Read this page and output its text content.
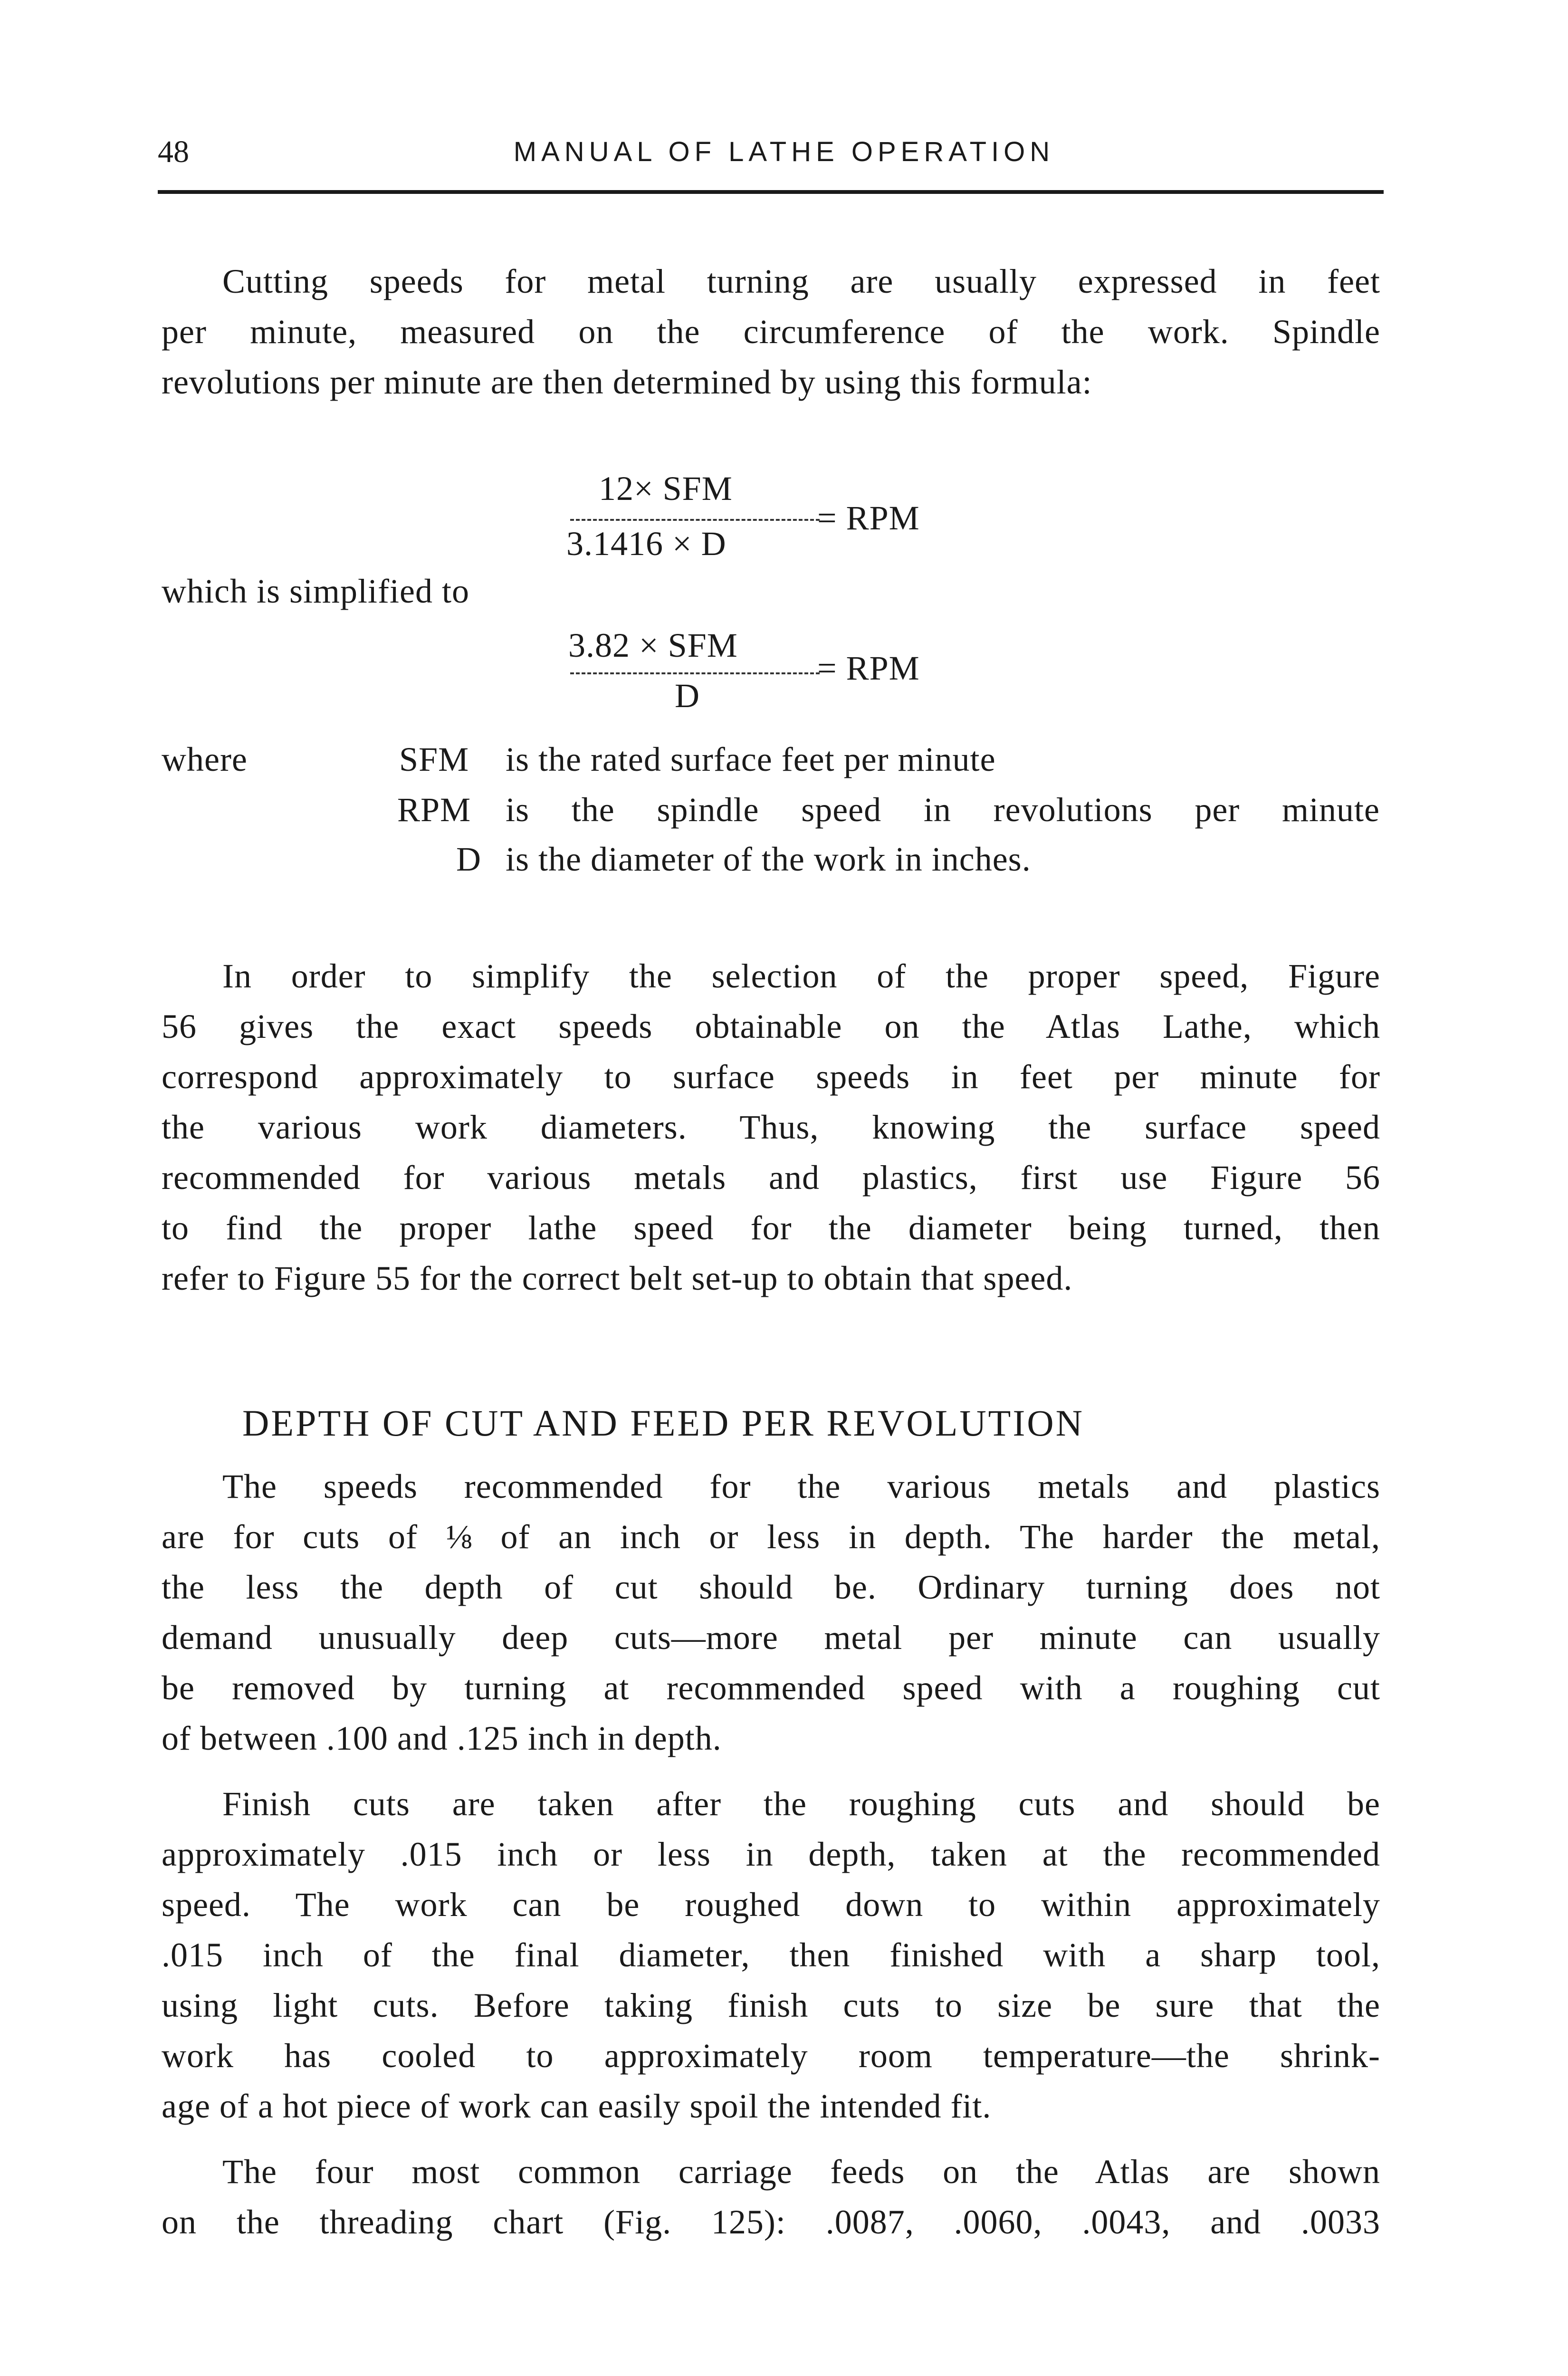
48	MANUAL OF LATHE OPERATION
Cutting speeds for metal turning are usually expressed in feet
per minute, measured on the circumference of the work. Spindle
revolutions per minute are then determined by using this formula:
12× SFM
3.1416 × D
= RPM
which is simplified to
3.82 × SFM
D
= RPM
where	SFM is the rated surface feet per minute
RPM is the spindle speed in revolutions per minute
D is the diameter of the work in inches.
In order to simplify the selection of the proper speed, Figure
56 gives the exact speeds obtainable on the Atlas Lathe, which
correspond approximately to surface speeds in feet per minute for
the various work diameters. Thus, knowing the surface speed
recommended for various metals and plastics, first use Figure 56
to find the proper lathe speed for the diameter being turned, then
refer to Figure 55 for the correct belt set-up to obtain that speed.
DEPTH OF CUT AND FEED PER REVOLUTION
The speeds recommended for the various metals and plastics
are for cuts of ⅛ of an inch or less in depth. The harder the metal,
the less the depth of cut should be. Ordinary turning does not
demand unusually deep cuts—more metal per minute can usually
be removed by turning at recommended speed with a roughing cut
of between .100 and .125 inch in depth.
Finish cuts are taken after the roughing cuts and should be
approximately .015 inch or less in depth, taken at the recommended
speed. The work can be roughed down to within approximately
.015 inch of the final diameter, then finished with a sharp tool,
using light cuts. Before taking finish cuts to size be sure that the
work has cooled to approximately room temperature—the shrink-
age of a hot piece of work can easily spoil the intended fit.
The four most common carriage feeds on the Atlas are shown
on the threading chart (Fig. 125): .0087, .0060, .0043, and .0033
